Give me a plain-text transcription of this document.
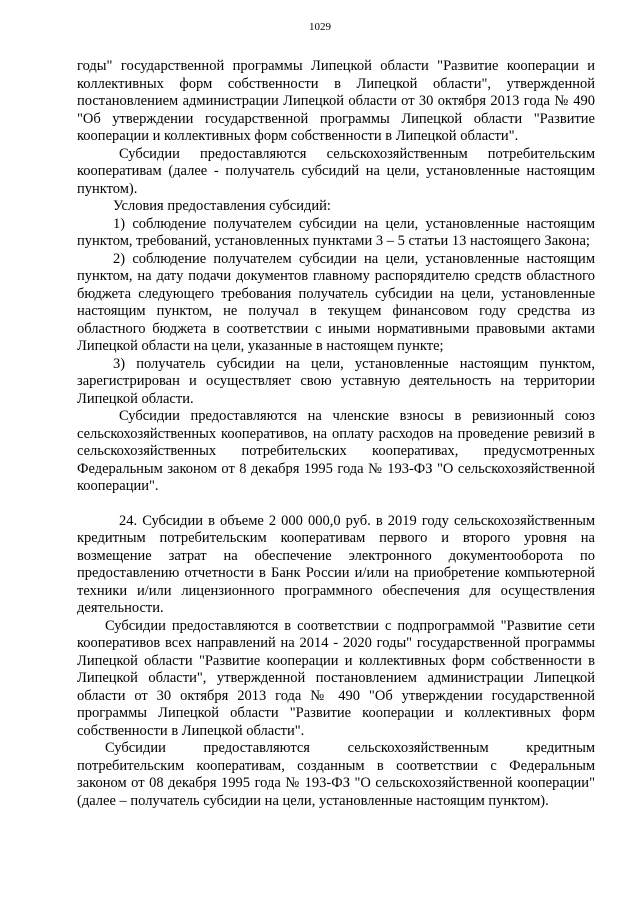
1029

годы" государственной программы Липецкой области "Развитие кооперации и коллективных форм собственности в Липецкой области", утвержденной постановлением администрации Липецкой области от 30 октября 2013 года № 490 "Об утверждении государственной программы Липецкой области "Развитие кооперации и коллективных форм собственности в Липецкой области".

Субсидии предоставляются сельскохозяйственным потребительским кооперативам (далее - получатель субсидий на цели, установленные настоящим пунктом).

Условия предоставления субсидий:

1) соблюдение получателем субсидии на цели, установленные настоящим пунктом, требований, установленных пунктами 3 – 5 статьи 13 настоящего Закона;

2) соблюдение получателем субсидии на цели, установленные настоящим пунктом, на дату подачи документов главному распорядителю средств областного бюджета следующего требования получатель субсидии на цели, установленные настоящим пунктом, не получал в текущем финансовом году средства из областного бюджета в соответствии с иными нормативными правовыми актами Липецкой области на цели, указанные в настоящем пункте;

3) получатель субсидии на цели, установленные настоящим пунктом, зарегистрирован и осуществляет свою уставную деятельность на территории Липецкой области.

Субсидии предоставляются на членские взносы в ревизионный союз сельскохозяйственных кооперативов, на оплату расходов на проведение ревизий в сельскохозяйственных потребительских кооперативах, предусмотренных Федеральным законом от 8 декабря 1995 года № 193-ФЗ "О сельскохозяйственной кооперации".

24. Субсидии в объеме 2 000 000,0 руб. в 2019 году сельскохозяйственным кредитным потребительским кооперативам первого и второго уровня на возмещение затрат на обеспечение электронного документооборота по предоставлению отчетности в Банк России и/или на приобретение компьютерной техники и/или лицензионного программного обеспечения для осуществления деятельности.

Субсидии предоставляются в соответствии с подпрограммой "Развитие сети кооперативов всех направлений на 2014 - 2020 годы" государственной программы Липецкой области "Развитие кооперации и коллективных форм собственности в Липецкой области", утвержденной постановлением администрации Липецкой области от 30 октября 2013 года № 490 "Об утверждении государственной программы Липецкой области "Развитие кооперации и коллективных форм собственности в Липецкой области".

Субсидии предоставляются сельскохозяйственным кредитным потребительским кооперативам, созданным в соответствии с Федеральным законом от 08 декабря 1995 года № 193-ФЗ "О сельскохозяйственной кооперации" (далее – получатель субсидии на цели, установленные настоящим пунктом).
